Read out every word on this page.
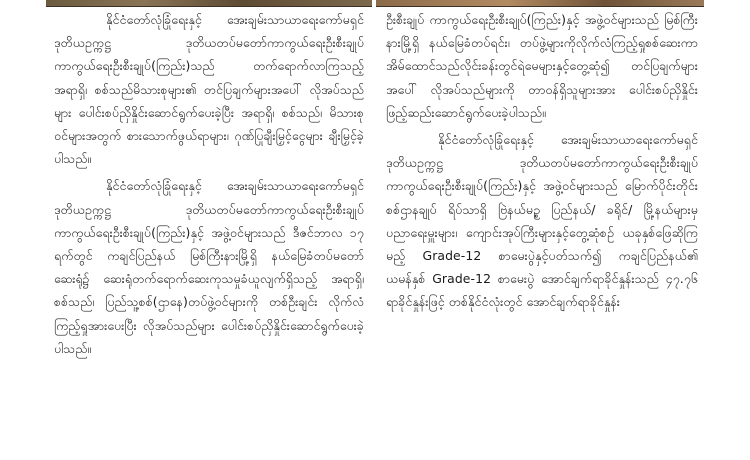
နိုင်ငံတော်လုံခြုံရေးနှင့် အေးချမ်းသာယာရေးကော်မရှင် ဒုတိယဥက္ကဋ္ဌ ဒုတိယတပ်မတော်ကာကွယ်ရေးဦးစီးချုပ် ကာကွယ်ရေးဦးစီးချုပ်(ကြည်း)သည် တက်ရောက်လာကြသည့် အရာရှိ၊ စစ်သည်မိသားစုများ၏ တင်ပြချက်များအပေါ် လိုအပ်သည်များ ပေါင်းစပ်ညှိနှိုင်းဆောင်ရွက်ပေးခဲ့ပြီး အရာရှိ၊ စစ်သည်၊ မိသားစုဝင်များအတွက် စားသောက်ဖွယ်ရာများ၊ ဂုဏ်ပြုချီးမြှင့်ငွေများ ချီးမြှင့်ခဲ့ပါသည်။

နိုင်ငံတော်လုံခြုံရေးနှင့် အေးချမ်းသာယာရေးကော်မရှင် ဒုတိယဥက္ကဋ္ဌ ဒုတိယတပ်မတော်ကာကွယ်ရေးဦးစီးချုပ် ကာကွယ်ရေးဦးစီးချုပ်(ကြည်း)နှင့် အဖွဲ့ဝင်များသည် ဒီဇင်ဘာလ ၁၇ ရက်တွင် ကချင်ပြည်နယ် မြစ်ကြီးနားမြို့ရှိ နယ်မြေခံတပ်မတော်ဆေးရုံ၌ ဆေးရုံတက်ရောက်ဆေးကုသမှုခံယူလျက်ရှိသည့် အရာရှိ၊ စစ်သည်၊ ပြည်သူ့စစ်(ဌာနေ)တပ်ဖွဲ့ဝင်များကို တစ်ဦးချင်း လိုက်လံကြည့်ရှုအားပေးပြီး လိုအပ်သည်များ ပေါင်းစပ်ညှိနှိုင်းဆောင်ရွက်ပေးခဲ့ပါသည်။

ဦးစီးချုပ် ကာကွယ်ရေးဦးစီးချုပ်(ကြည်း)နှင့် အဖွဲ့ဝင်များသည် မြစ်ကြီးနားမြို့ရှိ နယ်မြေခံတပ်ရင်း၊ တပ်ဖွဲ့များကိုလိုက်လံကြည့်ရှုစစ်ဆေးကာ အိမ်ထောင်သည်လိုင်းခန်းတွင်ရဲမေများနှင့်တွေ့ဆုံ၍ တင်ပြချက်များအပေါ် လိုအပ်သည်များကို တာဝန်ရှိသူများအား ပေါင်းစပ်ညှိနှိုင်းဖြည့်ဆည်းဆောင်ရွက်ပေးခဲ့ပါသည်။

နိုင်ငံတော်လုံခြုံရေးနှင့် အေးချမ်းသာယာရေးကော်မရှင် ဒုတိယဥက္ကဋ္ဌ ဒုတိယတပ်မတော်ကာကွယ်ရေးဦးစီးချုပ် ကာကွယ်ရေးဦးစီးချုပ်(ကြည်း)နှင့် အဖွဲ့ဝင်များသည် မြောက်ပိုင်းတိုင်းစစ်ဌာနချုပ် ရိပ်သာရှိ ဗြဲနယ်မဥ္စ ပြည်နယ်/ ခရိုင်/ မြို့နယ်များမှ ပညာရေးမှူးများ၊ ကျောင်းအုပ်ကြီးများနှင့်တွေ့ဆုံစဉ် ယခုနှစ်ဖြေဆိုကြမည့် Grade-12 စာမေးပွဲနှင့်ပတ်သက်၍ ကချင်ပြည်နယ်၏ ယမန်နှစ် Grade-12 စာမေးပွဲ အောင်ချက်ရာခိုင်နှုန်းသည် ၄၇.၇၆ ရာခိုင်နှုန်းဖြင့် တစ်နိုင်ငံလုံးတွင် အောင်ချက်ရာခိုင်နှုန်း
